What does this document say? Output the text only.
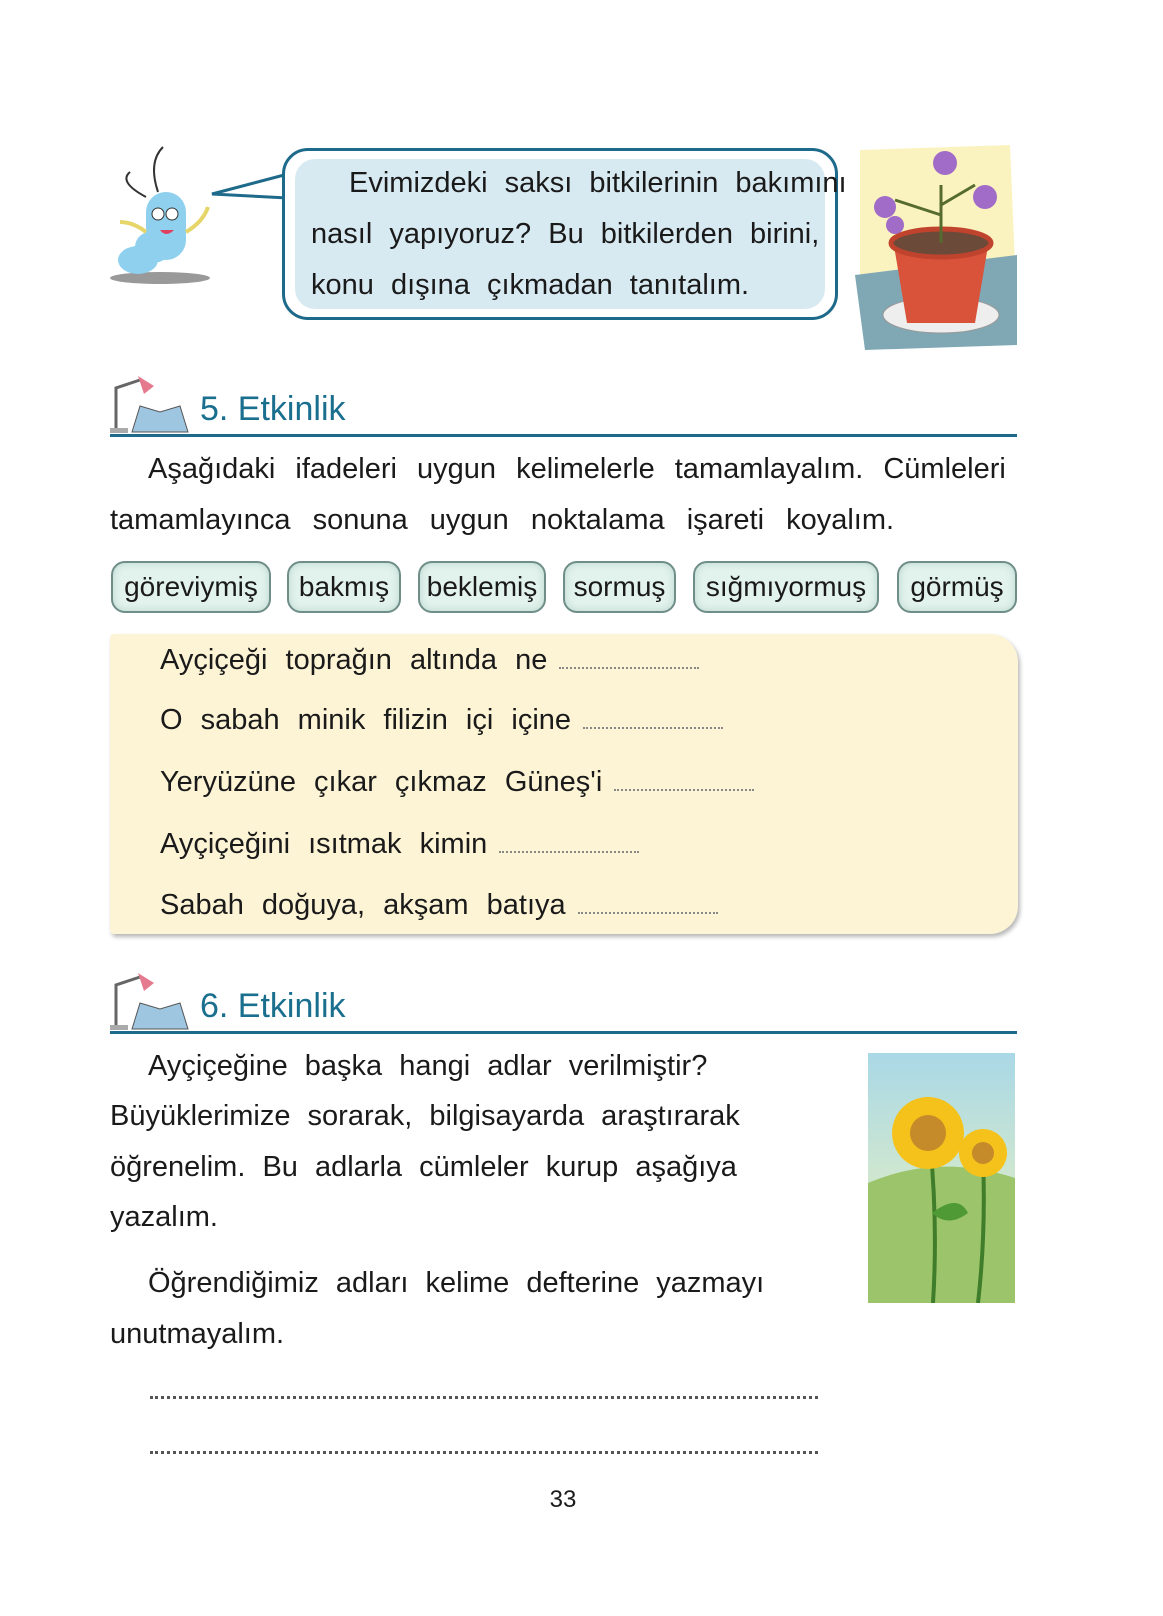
Evimizdeki saksı bitkilerinin bakımını
nasıl yapıyoruz? Bu bitkilerden birini,
konu dışına çıkmadan tanıtalım.
5. Etkinlik
Aşağıdaki ifadeleri uygun kelimelerle tamamlayalım. Cümleleri
tamamlayınca sonuna uygun noktalama işareti koyalım.
göreviymiş	bakmış	beklemiş	sormuş	sığmıyormuş	görmüş
Ayçiçeği toprağın altında ne
O sabah minik filizin içi içine
Yeryüzüne çıkar çıkmaz Güneş'i
Ayçiçeğini ısıtmak kimin
Sabah doğuya, akşam batıya
6. Etkinlik
Ayçiçeğine başka hangi adlar verilmiştir?
Büyüklerimize sorarak, bilgisayarda araştırarak
öğrenelim. Bu adlarla cümleler kurup aşağıya
yazalım.
Öğrendiğimiz adları kelime defterine yazmayı
unutmayalım.
33
